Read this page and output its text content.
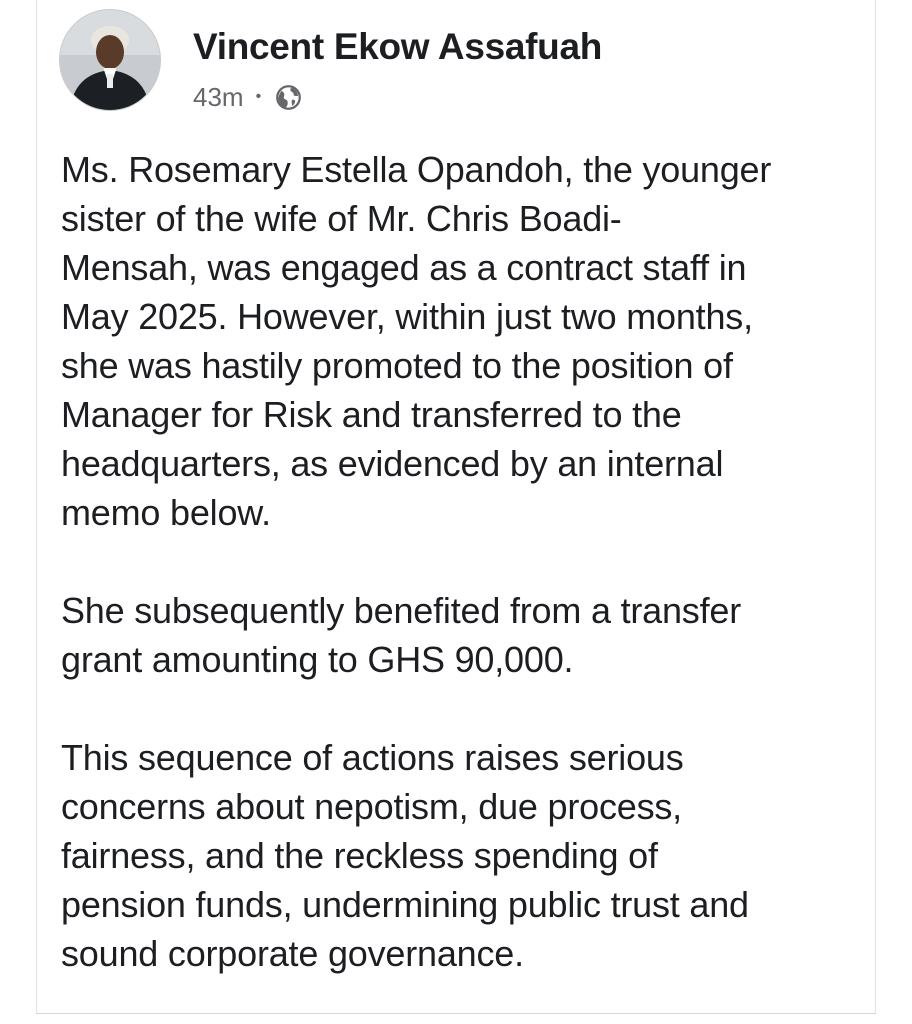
Vincent Ekow Assafuah
43m •

Ms. Rosemary Estella Opandoh, the younger
sister of the wife of Mr. Chris Boadi-
Mensah, was engaged as a contract staff in
May 2025. However, within just two months,
she was hastily promoted to the position of
Manager for Risk and transferred to the
headquarters, as evidenced by an internal
memo below.

She subsequently benefited from a transfer
grant amounting to GHS 90,000.

This sequence of actions raises serious
concerns about nepotism, due process,
fairness, and the reckless spending of
pension funds, undermining public trust and
sound corporate governance.
